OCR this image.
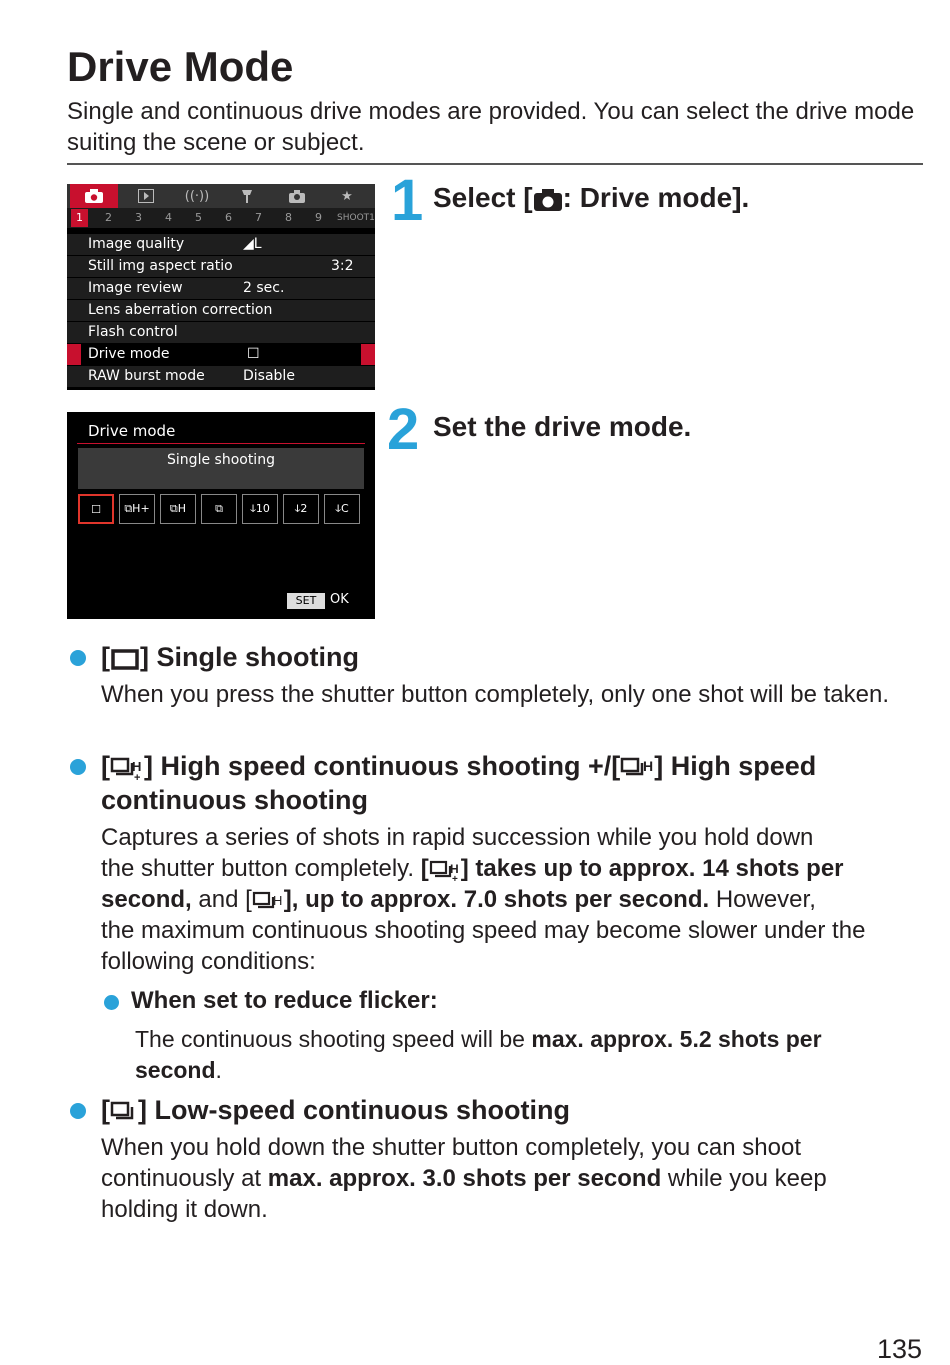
Drive Mode

Single and continuous drive modes are provided. You can select the drive mode suiting the scene or subject.

((·))	★
1	2 3 4 5 6 7 8 9 SHOOT1
Image quality	◢L
Still img aspect ratio	3:2
Image review	2 sec.
Lens aberration correction
Flash control
Drive mode	☐
RAW burst mode	Disable
Drive mode
Single shooting
☐	⧉H+	⧉H	⧉	ↆ10	ↆ2	ↆC
SET	OK
1 Select [ : Drive mode].
2 Set the drive mode.
[ ] Single shooting
When you press the shutter button completely, only one shot will be taken.
[ H
+ ] High speed continuous shooting +/[ H ] High speed
continuous shooting
Captures a series of shots in rapid succession while you hold down
the shutter button completely. [ H
+ ] takes up to approx. 14 shots per
second, and [ H ], up to approx. 7.0 shots per second. However,
the maximum continuous shooting speed may become slower under the
following conditions:
When set to reduce flicker:
The continuous shooting speed will be max. approx. 5.2 shots per
second.
[ ] Low-speed continuous shooting
When you hold down the shutter button completely, you can shoot
continuously at max. approx. 3.0 shots per second while you keep
holding it down.
135
